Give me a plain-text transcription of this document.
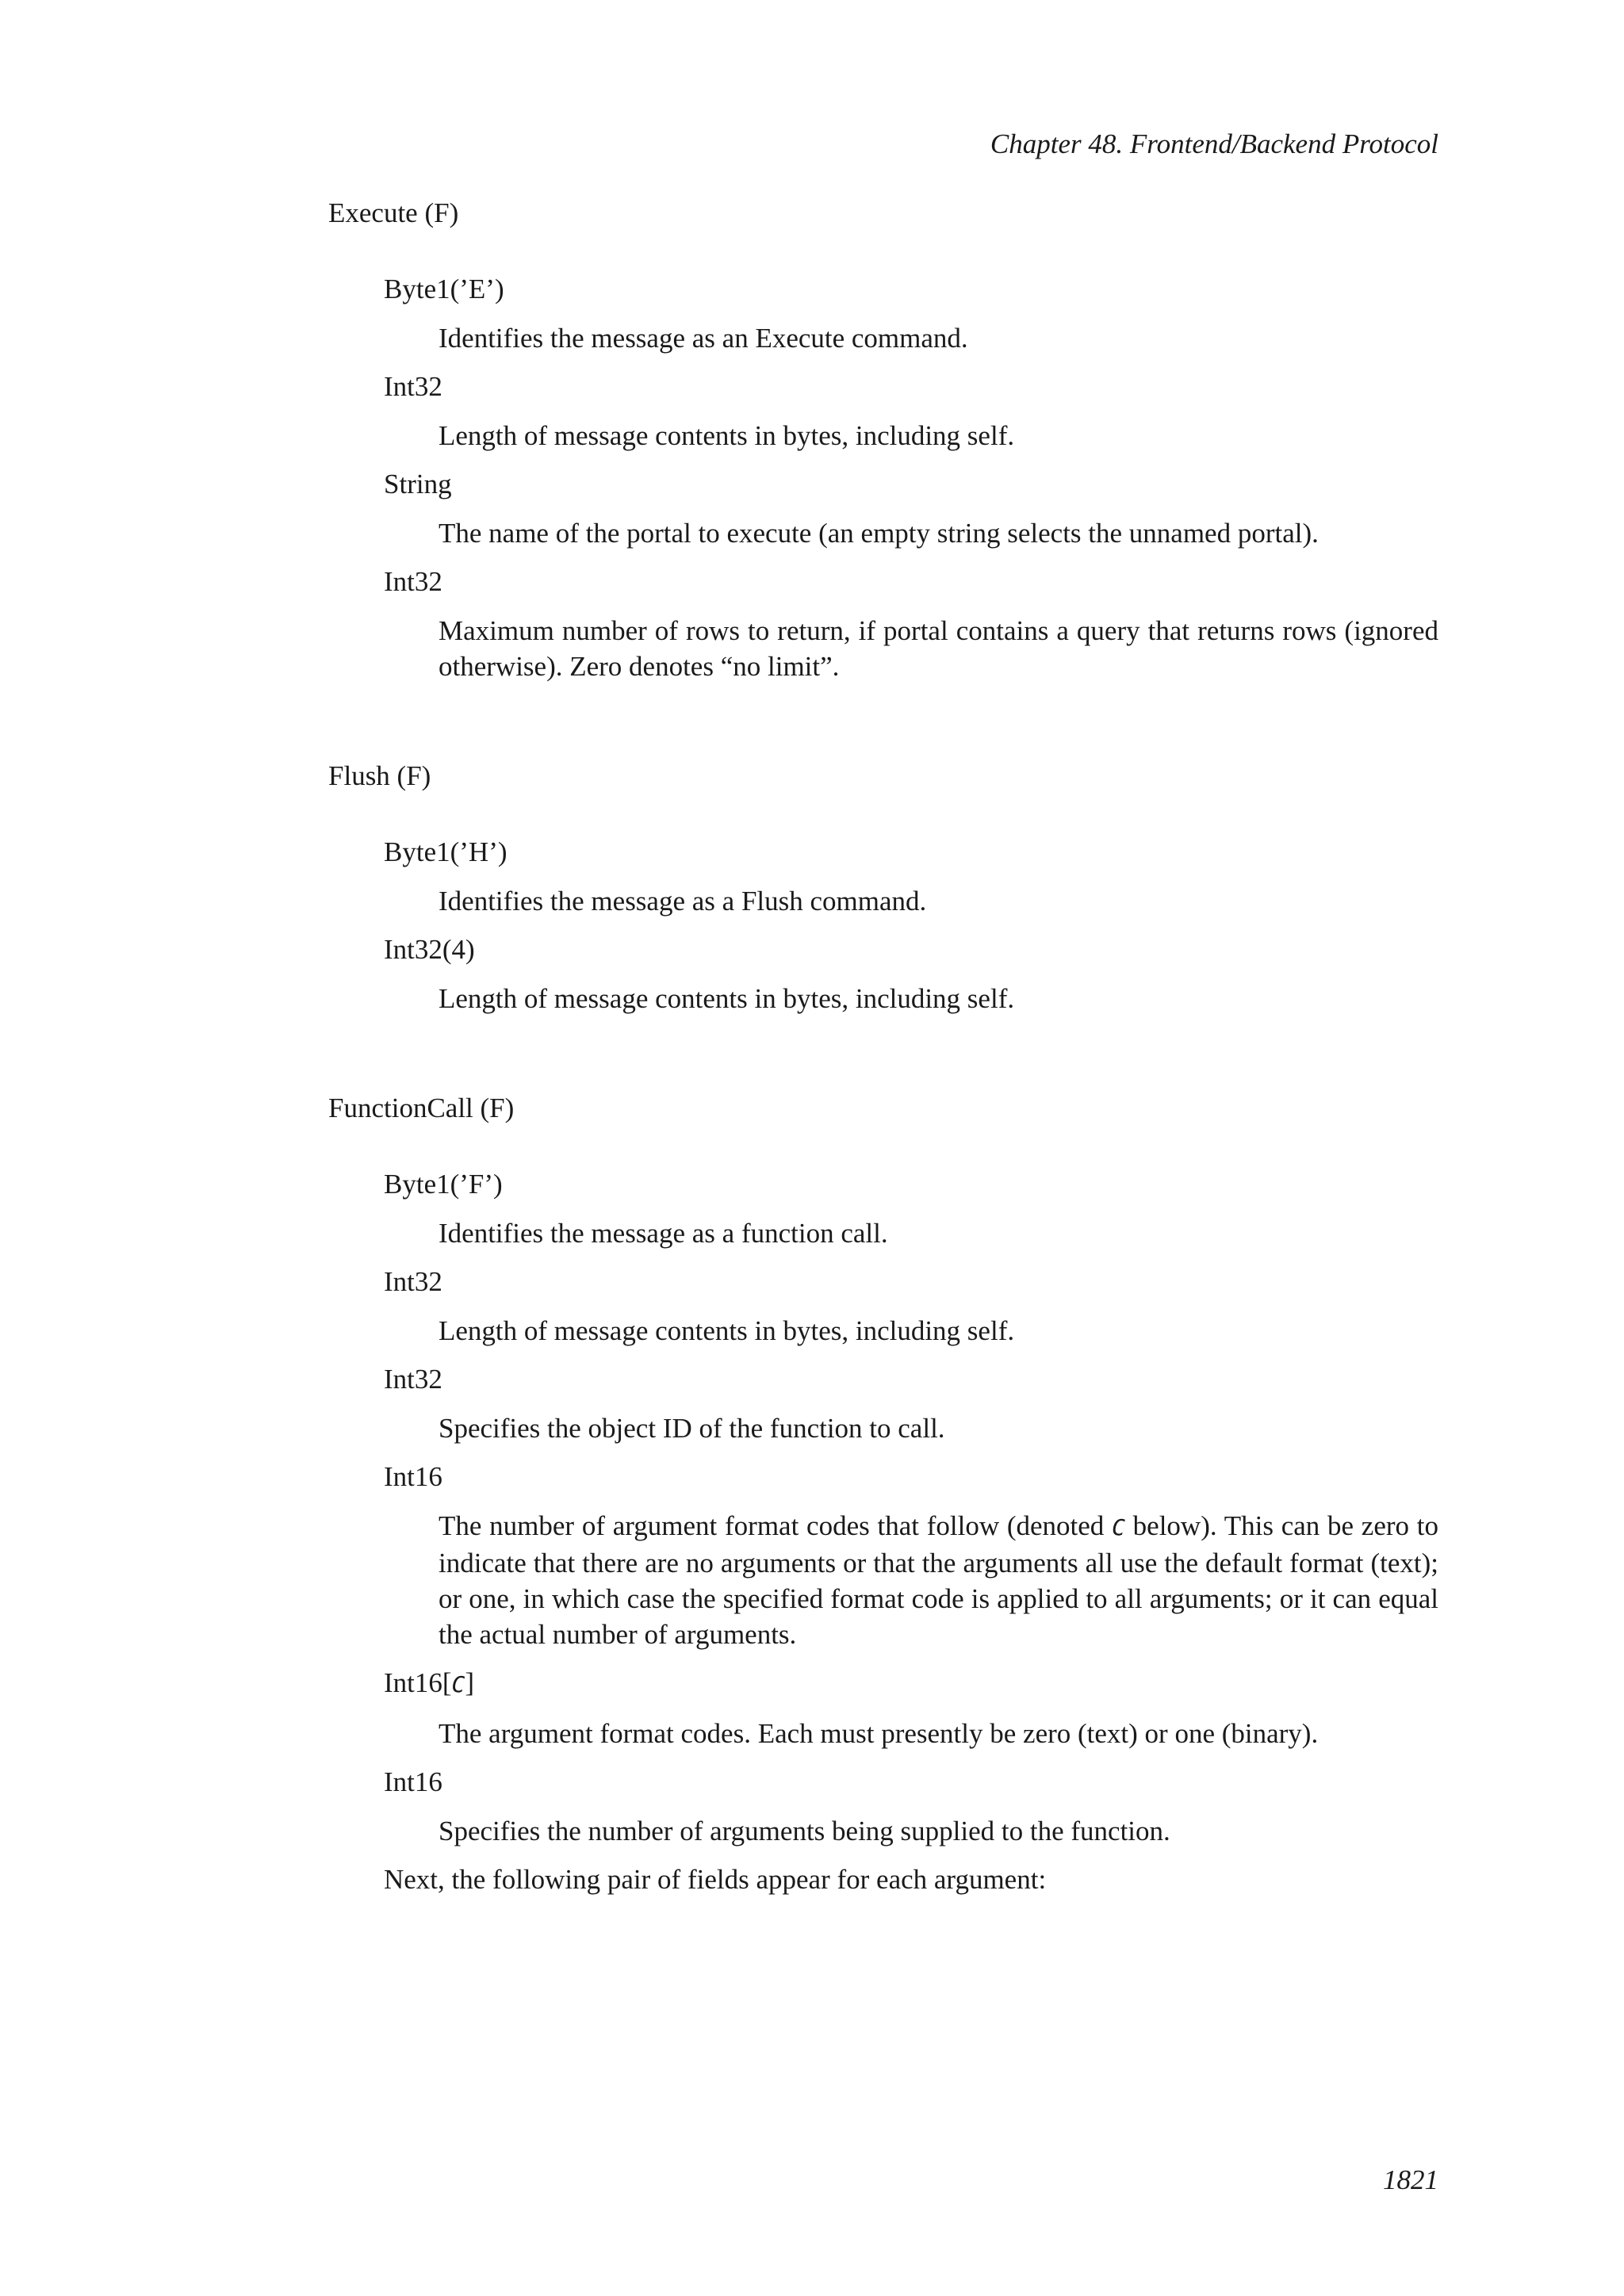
Chapter 48. Frontend/Backend Protocol
Execute (F)
Byte1(’E’)
Identifies the message as an Execute command.
Int32
Length of message contents in bytes, including self.
String
The name of the portal to execute (an empty string selects the unnamed portal).
Int32
Maximum number of rows to return, if portal contains a query that returns rows (ignored otherwise). Zero denotes “no limit”.
Flush (F)
Byte1(’H’)
Identifies the message as a Flush command.
Int32(4)
Length of message contents in bytes, including self.
FunctionCall (F)
Byte1(’F’)
Identifies the message as a function call.
Int32
Length of message contents in bytes, including self.
Int32
Specifies the object ID of the function to call.
Int16
The number of argument format codes that follow (denoted C below). This can be zero to indicate that there are no arguments or that the arguments all use the default format (text); or one, in which case the specified format code is applied to all arguments; or it can equal the actual number of arguments.
Int16[C]
The argument format codes. Each must presently be zero (text) or one (binary).
Int16
Specifies the number of arguments being supplied to the function.
Next, the following pair of fields appear for each argument:
1821
